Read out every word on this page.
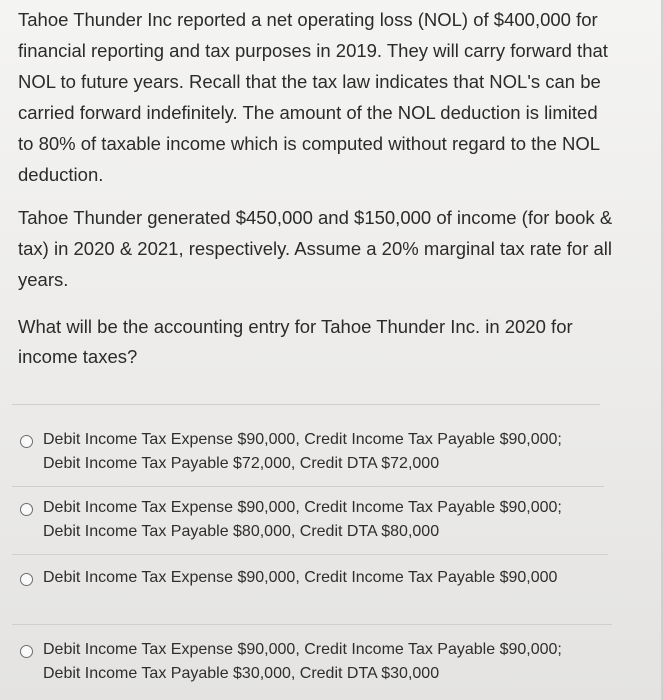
Tahoe Thunder Inc reported a net operating loss (NOL) of $400,000 for financial reporting and tax purposes in 2019. They will carry forward that NOL to future years. Recall that the tax law indicates that NOL's can be carried forward indefinitely. The amount of the NOL deduction is limited to 80% of taxable income which is computed without regard to the NOL deduction.

Tahoe Thunder generated $450,000 and $150,000 of income (for book & tax) in 2020 & 2021, respectively. Assume a 20% marginal tax rate for all years.

What will be the accounting entry for Tahoe Thunder Inc. in 2020 for income taxes?

Debit Income Tax Expense $90,000, Credit Income Tax Payable $90,000; Debit Income Tax Payable $72,000, Credit DTA $72,000
Debit Income Tax Expense $90,000, Credit Income Tax Payable $90,000; Debit Income Tax Payable $80,000, Credit DTA $80,000
Debit Income Tax Expense $90,000, Credit Income Tax Payable $90,000
Debit Income Tax Expense $90,000, Credit Income Tax Payable $90,000; Debit Income Tax Payable $30,000, Credit DTA $30,000
